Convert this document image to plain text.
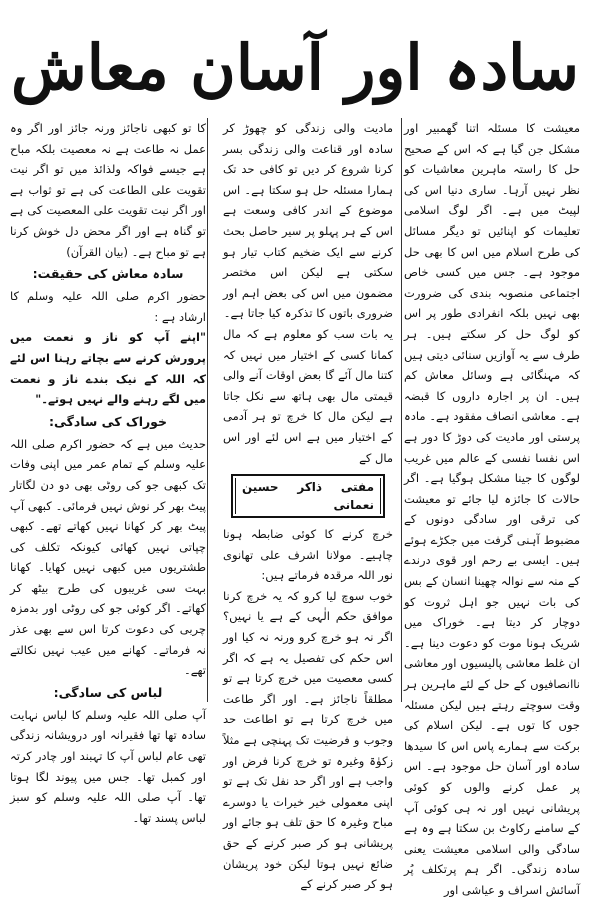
سادہ اور آسان معاش

معیشت کا مسئلہ اتنا گھمبیر اور مشکل جن گیا ہے کہ اس کے صحیح حل کا راستہ ماہرین معاشیات کو نظر نہیں آرہا۔ ساری دنیا اس کی لپیٹ میں ہے۔ اگر لوگ اسلامی تعلیمات کو اپنائیں تو دیگر مسائل کی طرح اسلام میں اس کا بھی حل موجود ہے۔ جس میں کسی خاص اجتماعی منصوبہ بندی کی ضرورت بھی نہیں بلکہ انفرادی طور پر اس کو لوگ حل کر سکتے ہیں۔ ہر طرف سے یہ آوازیں سنائی دیتی ہیں کہ مہنگائی ہے وسائل معاش کم ہیں۔ ان پر اجارہ داروں کا قبضہ ہے۔ معاشی انصاف مفقود ہے۔ مادہ پرستی اور مادیت کی دوڑ کا دور ہے اس نفسا نفسی کے عالم میں غریب لوگوں کا جینا مشکل ہوگیا ہے۔ اگر حالات کا جائزہ لیا جائے تو معیشت کی ترقی اور سادگی دونوں کے مضبوط آہنی گرفت میں جکڑے ہوئے ہیں۔ ایسی بے رحم اور قوی درندے کے منہ سے نوالہ چھینا انسان کے بس کی بات نہیں جو اہل ثروت کو دوچار کر دیتا ہے۔ خوراک میں شریک ہونا موت کو دعوت دینا ہے۔ ان غلط معاشی پالیسیوں اور معاشی ناانصافیوں کے حل کے لئے ماہرین ہر وقت سوچتے رہتے ہیں لیکن مسئلہ جوں کا توں ہے۔ لیکن اسلام کی برکت سے ہمارے پاس اس کا سیدھا سادہ اور آسان حل موجود ہے۔ اس پر عمل کرنے والوں کو کوئی پریشانی نہیں اور نہ ہی کوئی آپ کے سامنے رکاوٹ بن سکتا ہے وہ ہے سادگی والی اسلامی معیشت یعنی سادہ زندگی۔ اگر ہم پرتکلف پُر آسائش اسراف و عیاشی اور

مادیت والی زندگی کو چھوڑ کر سادہ اور قناعت والی زندگی بسر کرنا شروع کر دیں تو کافی حد تک ہمارا مسئلہ حل ہو سکتا ہے۔ اس موضوع کے اندر کافی وسعت ہے اس کے ہر پہلو پر سیر حاصل بحث کرنے سے ایک ضخیم کتاب تیار ہو سکتی ہے لیکن اس مختصر مضمون میں اس کی بعض اہم اور ضروری باتوں کا تذکرہ کیا جاتا ہے۔

یہ بات سب کو معلوم ہے کہ مال کمانا کسی کے اختیار میں نہیں کہ کتنا مال آئے گا بعض اوقات آنے والی قیمتی مال بھی ہاتھ سے نکل جاتا ہے لیکن مال کا خرچ تو ہر آدمی کے اختیار میں ہے اس لئے اور اس مال کے

مفتی ذاکر حسین نعمانی

خرچ کرنے کا کوئی ضابطہ ہونا چاہیے۔ مولانا اشرف علی تھانوی نور اللہ مرقدہ فرماتے ہیں:

خوب سوچ لیا کرو کہ یہ خرچ کرنا موافق حکم الٰہی کے ہے یا نہیں؟ اگر نہ ہو خرچ کرو ورنہ نہ کیا اور اس حکم کی تفصیل یہ ہے کہ اگر کسی معصیت میں خرچ کرتا ہے تو مطلقاً ناجائز ہے۔ اور اگر طاعت میں خرچ کرتا ہے تو اطاعت حد وجوب و فرضیت تک پہنچی ہے مثلاً زکوٰۃ وغیرہ تو خرچ کرنا فرض اور واجب ہے اور اگر حد نفل تک ہے تو اپنی معمولی خیر خیرات یا دوسرے مباح وغیرہ کا حق تلف ہو جائے اور پریشانی ہو کر صبر کرنے کے حق ضائع نہیں ہوتا لیکن خود پریشان ہو کر صبر کرنے کے

کا تو کبھی ناجائز ورنہ جائز اور اگر وہ عمل نہ طاعت ہے نہ معصیت بلکہ مباح ہے جیسے فواکہ ولذائذ میں تو اگر نیت تقویت علی الطاعت کی ہے تو ثواب ہے اور اگر نیت تقویت علی المعصیت کی ہے تو گناہ ہے اور اگر محض دل خوش کرنا ہے تو مباح ہے۔ (بیان القرآن)

سادہ معاش کی حقیقت:

حضور اکرم صلی اللہ علیہ وسلم کا ارشاد ہے :

"اپنے آپ کو ناز و نعمت میں پرورش کرنے سے بچاتے رہنا اس لئے کہ اللہ کے نیک بندے ناز و نعمت میں لگے رہنے والے نہیں ہوتے۔"

خوراک کی سادگی:

حدیث میں ہے کہ حضور اکرم صلی اللہ علیہ وسلم کے تمام عمر میں اپنی وفات تک کبھی جو کی روٹی بھی دو دن لگاتار پیٹ بھر کر نوش نہیں فرمائی۔ کبھی آپ پیٹ بھر کر کھانا نہیں کھاتے تھے۔ کبھی چپاتی نہیں کھائی کیونکہ تکلف کی طشتریوں میں کبھی نہیں کھایا۔ کھانا بہت سی غریبوں کی طرح بیٹھ کر کھاتے۔ اگر کوئی جو کی روٹی اور بدمزہ چربی کی دعوت کرتا اس سے بھی عذر نہ فرماتے۔ کھانے میں عیب نہیں نکالتے تھے۔

لباس کی سادگی:

آپ صلی اللہ علیہ وسلم کا لباس نہایت سادہ تھا تھا فقیرانہ اور درویشانہ زندگی تھی عام لباس آپ کا تہبند اور چادر کرتہ اور کمبل تھا۔ جس میں پیوند لگا ہوتا تھا۔ آپ صلی اللہ علیہ وسلم کو سبز لباس پسند تھا۔
